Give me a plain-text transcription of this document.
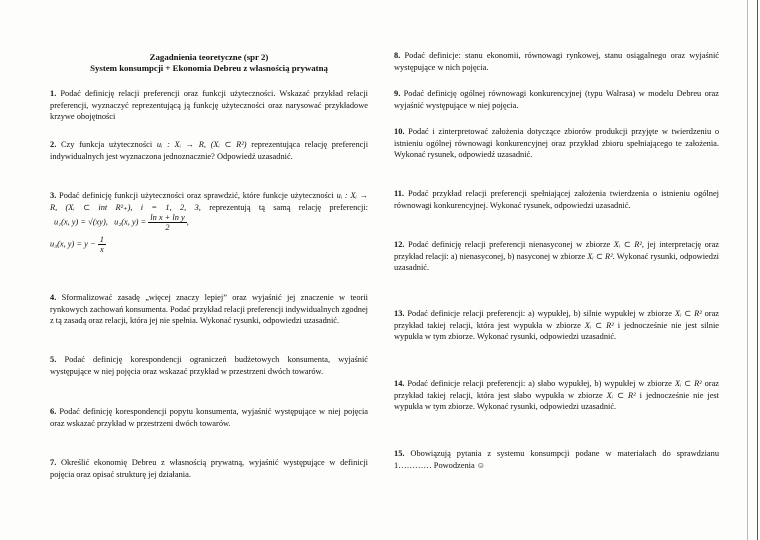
Zagadnienia teoretyczne (spr 2)
System konsumpcji + Ekonomia Debreu z własnością prywatną
1. Podać definicję relacji preferencji oraz funkcji użyteczności. Wskazać przykład relacji preferencji, wyznaczyć reprezentującą ją funkcję użyteczności oraz narysować przykładowe krzywe obojętności
2. Czy funkcja użyteczności uᵢ : Xᵢ → R, (Xᵢ ⊂ R²) reprezentująca relację preferencji indywidualnych jest wyznaczona jednoznacznie? Odpowiedź uzasadnić.
3. Podać definicję funkcji użyteczności oraz sprawdzić, które funkcje użyteczności uᵢ : Xᵢ → R, (Xᵢ ⊂ int R²₊), i = 1, 2, 3, reprezentują tą samą relację preferencji: u₁(x, y) = √(xy), u₂(x, $y) = \frac{\text{ln x + ln y}}{2}$ ,
u₃(x, $y) = y - \frac{1}{x}$
4. Sformalizować zasadę „więcej znaczy lepiej” oraz wyjaśnić jej znaczenie w teorii rynkowych zachowań konsumenta. Podać przykład relacji preferencji indywidualnych zgodnej z tą zasadą oraz relacji, która jej nie spełnia. Wykonać rysunki, odpowiedzi uzasadnić.
5. Podać definicję korespondencji ograniczeń budżetowych konsumenta, wyjaśnić występujące w niej pojęcia oraz wskazać przykład w przestrzeni dwóch towarów.
6. Podać definicję korespondencji popytu konsumenta, wyjaśnić występujące w niej pojęcia oraz wskazać przykład w przestrzeni dwóch towarów.
7. Określić ekonomię Debreu z własnością prywatną, wyjaśnić występujące w definicji pojęcia oraz opisać strukturę jej działania.
8. Podać definicje: stanu ekonomii, równowagi rynkowej, stanu osiągalnego oraz wyjaśnić występujące w nich pojęcia.
9. Podać definicję ogólnej równowagi konkurencyjnej (typu Walrasa) w modelu Debreu oraz wyjaśnić występujące w niej pojęcia.
10. Podać i zinterpretować założenia dotyczące zbiorów produkcji przyjęte w twierdzeniu o istnieniu ogólnej równowagi konkurencyjnej oraz przykład zbioru spełniającego te założenia. Wykonać rysunek, odpowiedź uzasadnić.
11. Podać przykład relacji preferencji spełniającej założenia twierdzenia o istnieniu ogólnej równowagi konkurencyjnej. Wykonać rysunek, odpowiedzi uzasadnić.
12. Podać definicję relacji preferencji nienasyconej w zbiorze Xᵢ ⊂ R², jej interpretację oraz przykład relacji: a) nienasyconej, b) nasyconej w zbiorze Xᵢ ⊂ R². Wykonać rysunki, odpowiedzi uzasadnić.
13. Podać definicje relacji preferencji: a) wypukłej, b) silnie wypukłej w zbiorze Xᵢ ⊂ R² oraz przykład takiej relacji, która jest wypukła w zbiorze Xᵢ ⊂ R² i jednocześnie nie jest silnie wypukła w tym zbiorze. Wykonać rysunki, odpowiedzi uzasadnić.
14. Podać definicje relacji preferencji: a) słabo wypukłej, b) wypukłej w zbiorze Xᵢ ⊂ R² oraz przykład takiej relacji, która jest słabo wypukła w zbiorze Xᵢ ⊂ R² i jednocześnie nie jest wypukła w tym zbiorze. Wykonać rysunki, odpowiedzi uzasadnić.
15. Obowiązują pytania z systemu konsumpcji podane w materiałach do sprawdzianu 1………… Powodzenia ☺
